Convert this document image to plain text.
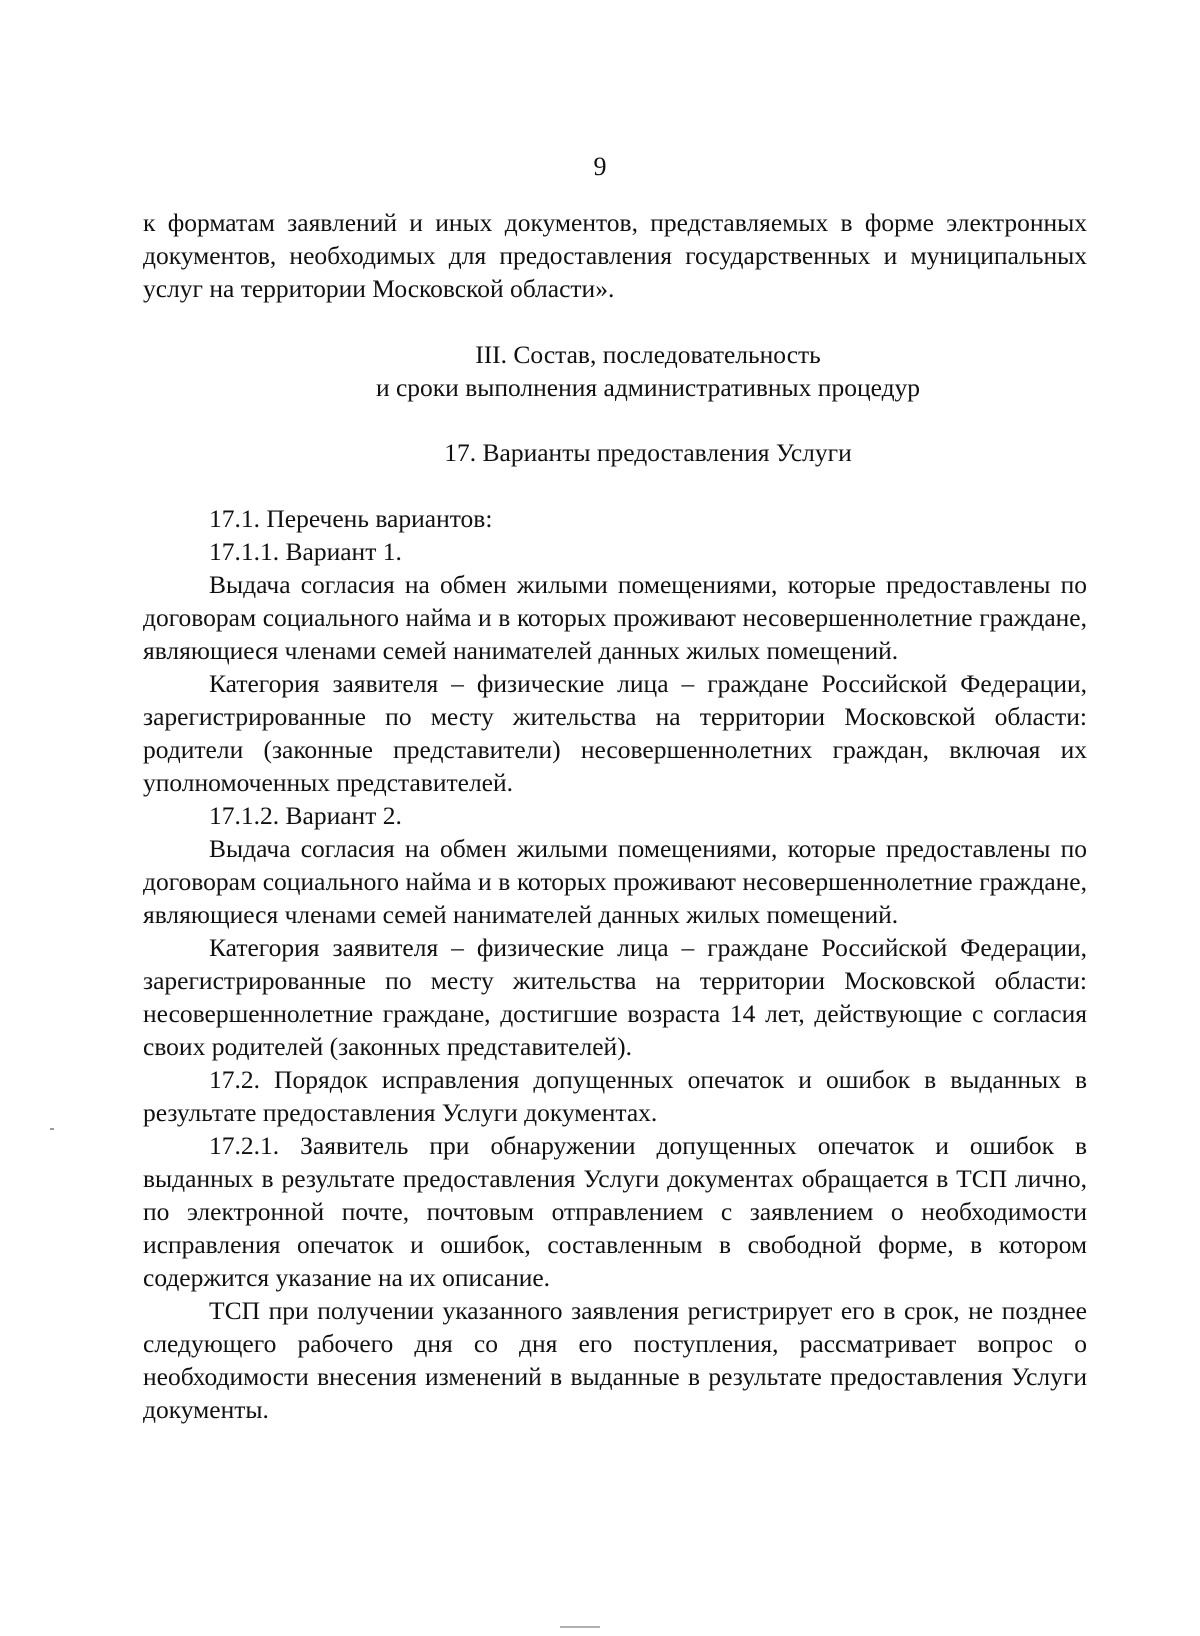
9

к форматам заявлений и иных документов, представляемых в форме электронных документов, необходимых для предоставления государственных и муниципальных услуг на территории Московской области».

III. Состав, последовательность
и сроки выполнения административных процедур
17. Варианты предоставления Услуги

17.1. Перечень вариантов:

17.1.1. Вариант 1.

Выдача согласия на обмен жилыми помещениями, которые предоставлены по договорам социального найма и в которых проживают несовершеннолетние граждане, являющиеся членами семей нанимателей данных жилых помещений.

Категория заявителя – физические лица – граждане Российской Федерации, зарегистрированные по месту жительства на территории Московской области: родители (законные представители) несовершеннолетних граждан, включая их уполномоченных представителей.

17.1.2. Вариант 2.

Выдача согласия на обмен жилыми помещениями, которые предоставлены по договорам социального найма и в которых проживают несовершеннолетние граждане, являющиеся членами семей нанимателей данных жилых помещений.

Категория заявителя – физические лица – граждане Российской Федерации, зарегистрированные по месту жительства на территории Московской области: несовершеннолетние граждане, достигшие возраста 14 лет, действующие с согласия своих родителей (законных представителей).

17.2. Порядок исправления допущенных опечаток и ошибок в выданных в результате предоставления Услуги документах.

17.2.1. Заявитель при обнаружении допущенных опечаток и ошибок в выданных в результате предоставления Услуги документах обращается в ТСП лично, по электронной почте, почтовым отправлением с заявлением о необходимости исправления опечаток и ошибок, составленным в свободной форме, в котором содержится указание на их описание.

ТСП при получении указанного заявления регистрирует его в срок, не позднее следующего рабочего дня со дня его поступления, рассматривает вопрос о необходимости внесения изменений в выданные в результате предоставления Услуги документы.
